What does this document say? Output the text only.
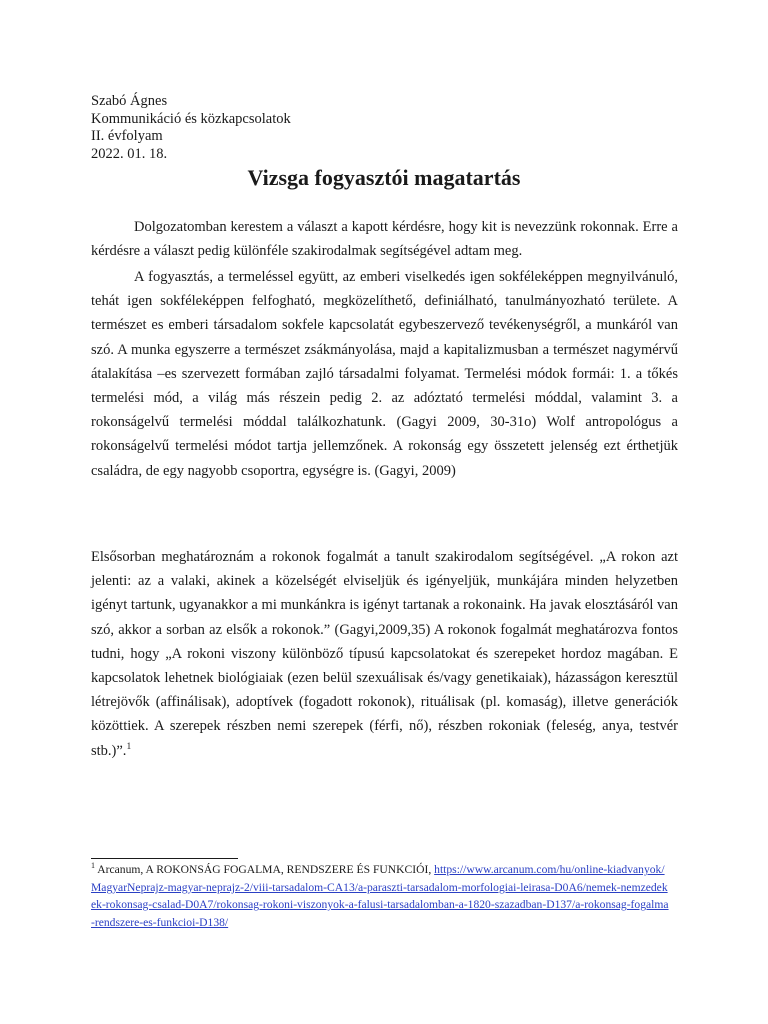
Szabó Ágnes
Kommunikáció és közkapcsolatok
II. évfolyam
2022. 01. 18.
Vizsga fogyasztói magatartás

Dolgozatomban kerestem a választ a kapott kérdésre, hogy kit is nevezzünk rokonnak. Erre a kérdésre a választ pedig különféle szakirodalmak segítségével adtam meg.

A fogyasztás, a termeléssel együtt, az emberi viselkedés igen sokféleképpen megnyilvánuló, tehát igen sokféleképpen felfogható, megközelíthető, definiálható, tanulmányozható területe. A természet es emberi társadalom sokfele kapcsolatát egybeszervező tevékenységről, a munkáról van szó. A munka egyszerre a természet zsákmányolása, majd a kapitalizmusban a természet nagymérvű átalakítása –es szervezett formában zajló társadalmi folyamat. Termelési módok formái: 1. a tőkés termelési mód, a világ más részein pedig 2. az adóztató termelési móddal, valamint 3. a rokonságelvű termelési móddal találkozhatunk. (Gagyi 2009, 30-31o) Wolf antropológus a rokonságelvű termelési módot tartja jellemzőnek. A rokonság egy összetett jelenség ezt érthetjük családra, de egy nagyobb csoportra, egységre is. (Gagyi, 2009)

Elsősorban meghatároznám a rokonok fogalmát a tanult szakirodalom segítségével. „A rokon azt jelenti: az a valaki, akinek a közelségét elviseljük és igényeljük, munkájára minden helyzetben igényt tartunk, ugyanakkor a mi munkánkra is igényt tartanak a rokonaink. Ha javak elosztásáról van szó, akkor a sorban az elsők a rokonok.” (Gagyi,2009,35) A rokonok fogalmát meghatározva fontos tudni, hogy „A rokoni viszony különböző típusú kapcsolatokat és szerepeket hordoz magában. E kapcsolatok lehetnek biológiaiak (ezen belül szexuálisak és/vagy genetikaiak), házasságon keresztül létrejövők (affinálisak), adoptívek (fogadott rokonok), rituálisak (pl. komaság), illetve generációk közöttiek. A szerepek részben nemi szerepek (férfi, nő), részben rokoniak (feleség, anya, testvér stb.)”.$^1$

$^1$ Arcanum, A ROKONSÁG FOGALMA, RENDSZERE ÉS FUNKCIÓI, https://www.arcanum.com/hu/online-kiadvanyok/MagyarNeprajz-magyar-neprajz-2/viii-tarsadalom-CA13/a-paraszti-tarsadalom-morfologiai-leirasa-D0A6/nemek-nemzedekek-rokonsag-csalad-D0A7/rokonsag-rokoni-viszonyok-a-falusi-tarsadalomban-a-1820-szazadban-D137/a-rokonsag-fogalma-rendszere-es-funkcioi-D138/
